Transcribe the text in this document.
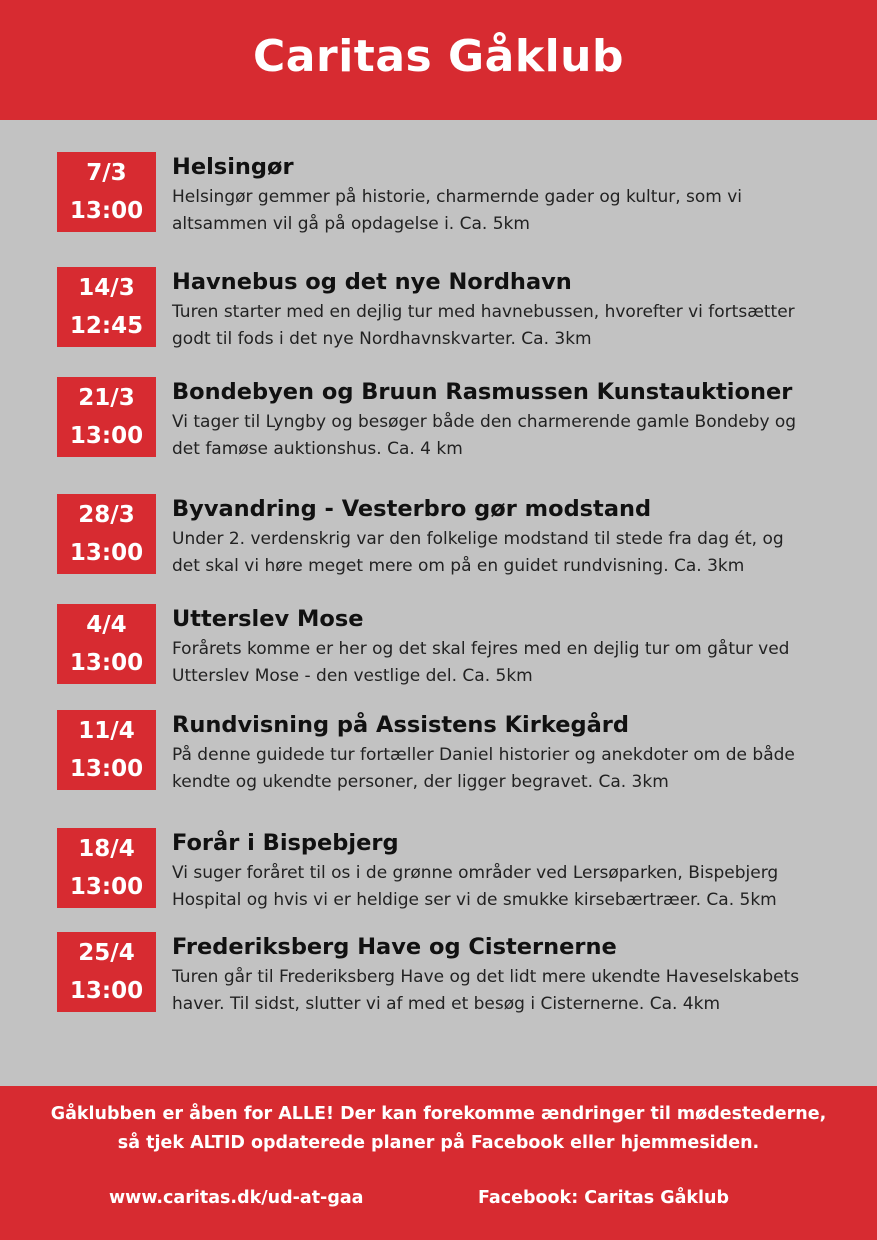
Caritas Gåklub
7/3
13:00
Helsingør

Helsingør gemmer på historie, charmernde gader og kultur, som vi
altsammen vil gå på opdagelse i. Ca. 5km

14/3
12:45
Havnebus og det nye Nordhavn

Turen starter med en dejlig tur med havnebussen, hvorefter vi fortsætter
godt til fods i det nye Nordhavnskvarter. Ca. 3km

21/3
13:00
Bondebyen og Bruun Rasmussen Kunstauktioner

Vi tager til Lyngby og besøger både den charmerende gamle Bondeby og
det famøse auktionshus. Ca. 4 km

28/3
13:00
Byvandring - Vesterbro gør modstand

Under 2. verdenskrig var den folkelige modstand til stede fra dag ét, og
det skal vi høre meget mere om på en guidet rundvisning. Ca. 3km

4/4
13:00
Utterslev Mose

Forårets komme er her og det skal fejres med en dejlig tur om gåtur ved
Utterslev Mose - den vestlige del. Ca. 5km

11/4
13:00
Rundvisning på Assistens Kirkegård

På denne guidede tur fortæller Daniel historier og anekdoter om de både
kendte og ukendte personer, der ligger begravet. Ca. 3km

18/4
13:00
Forår i Bispebjerg

Vi suger foråret til os i de grønne områder ved Lersøparken, Bispebjerg
Hospital og hvis vi er heldige ser vi de smukke kirsebærtræer. Ca. 5km

25/4
13:00
Frederiksberg Have og Cisternerne

Turen går til Frederiksberg Have og det lidt mere ukendte Haveselskabets
haver. Til sidst, slutter vi af med et besøg i Cisternerne. Ca. 4km

Gåklubben er åben for ALLE! Der kan forekomme ændringer til mødestederne,
så tjek ALTID opdaterede planer på Facebook eller hjemmesiden.

www.caritas.dk/ud-at-gaa	Facebook: Caritas Gåklub
